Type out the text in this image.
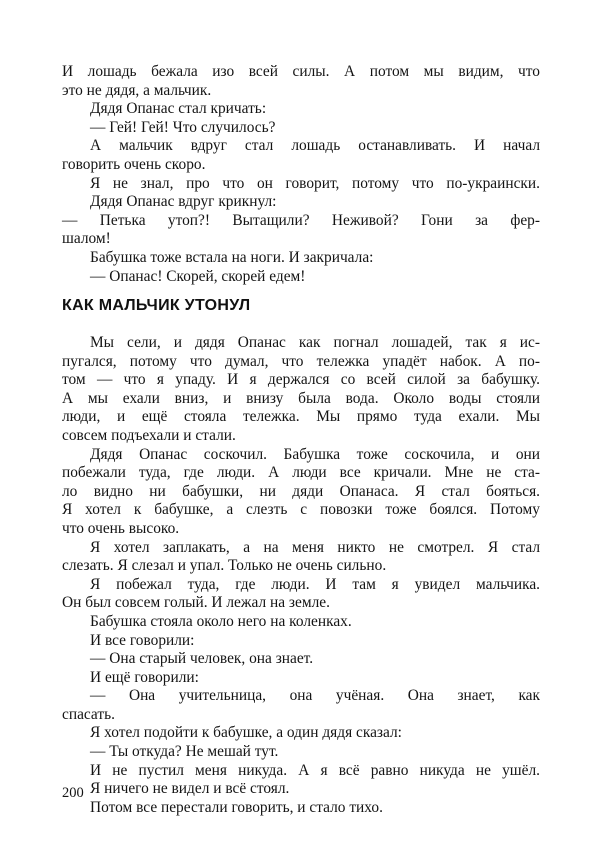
И лошадь бежала изо всей силы. А потом мы видим, что
это не дядя, а мальчик.
Дядя Опанас стал кричать:
— Гей! Гей! Что случилось?
А мальчик вдруг стал лошадь останавливать. И начал
говорить очень скоро.
Я не знал, про что он говорит, потому что по-украински.
Дядя Опанас вдруг крикнул:
— Петька утоп?! Вытащили? Неживой? Гони за фер-
шалом!
Бабушка тоже встала на ноги. И закричала:
— Опанас! Скорей, скорей едем!
КАК МАЛЬЧИК УТОНУЛ
Мы сели, и дядя Опанас как погнал лошадей, так я ис-
пугался, потому что думал, что тележка упадёт набок. А по-
том — что я упаду. И я держался со всей силой за бабушку.
А мы ехали вниз, и внизу была вода. Около воды стояли
люди, и ещё стояла тележка. Мы прямо туда ехали. Мы
совсем подъехали и стали.
Дядя Опанас соскочил. Бабушка тоже соскочила, и они
побежали туда, где люди. А люди все кричали. Мне не ста-
ло видно ни бабушки, ни дяди Опанаса. Я стал бояться.
Я хотел к бабушке, а слезть с повозки тоже боялся. Потому
что очень высоко.
Я хотел заплакать, а на меня никто не смотрел. Я стал
слезать. Я слезал и упал. Только не очень сильно.
Я побежал туда, где люди. И там я увидел мальчика.
Он был совсем голый. И лежал на земле.
Бабушка стояла около него на коленках.
И все говорили:
— Она старый человек, она знает.
И ещё говорили:
— Она учительница, она учёная. Она знает, как
спасать.
Я хотел подойти к бабушке, а один дядя сказал:
— Ты откуда? Не мешай тут.
И не пустил меня никуда. А я всё равно никуда не ушёл.
Я ничего не видел и всё стоял.
Потом все перестали говорить, и стало тихо.
200
